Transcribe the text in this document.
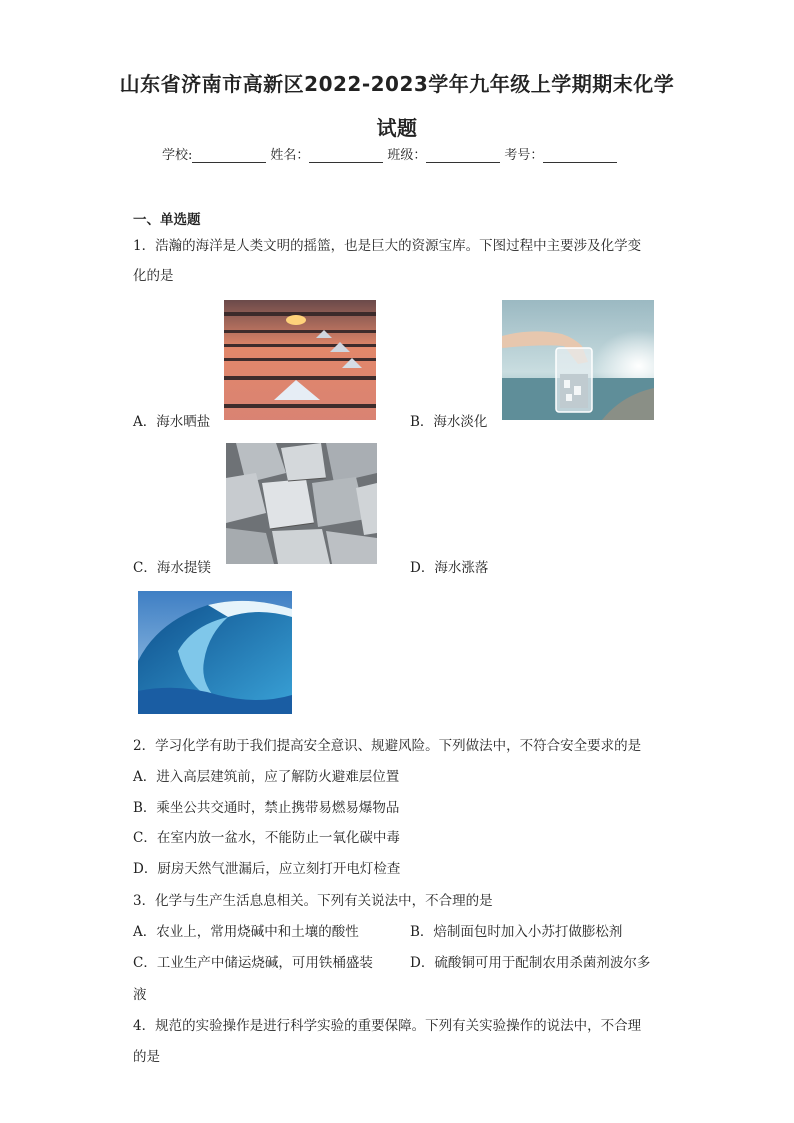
山东省济南市高新区2022-2023学年九年级上学期期末化学
试题
学校:	姓名：	班级：	考号：
一、单选题
1．浩瀚的海洋是人类文明的摇篮，也是巨大的资源宝库。下图过程中主要涉及化学变
化的是
A．海水晒盐	B．海水淡化
C．海水提镁	D．海水涨落
2．学习化学有助于我们提高安全意识、规避风险。下列做法中，不符合安全要求的是
A．进入高层建筑前，应了解防火避难层位置
B．乘坐公共交通时，禁止携带易燃易爆物品
C．在室内放一盆水，不能防止一氧化碳中毒
D．厨房天然气泄漏后，应立刻打开电灯检查
3．化学与生产生活息息相关。下列有关说法中，不合理的是
A．农业上，常用烧碱中和土壤的酸性	B．焙制面包时加入小苏打做膨松剂
C．工业生产中储运烧碱，可用铁桶盛装	D．硫酸铜可用于配制农用杀菌剂波尔多
液
4．规范的实验操作是进行科学实验的重要保障。下列有关实验操作的说法中，不合理
的是
